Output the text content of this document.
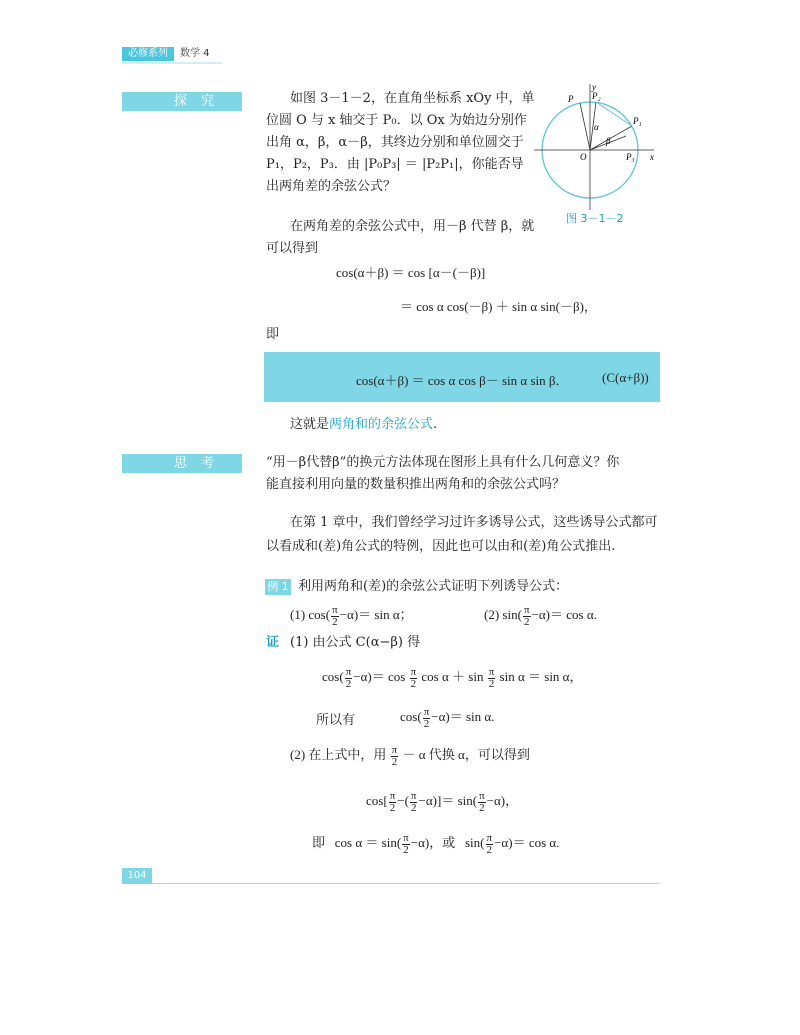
必修系列	数学 4
探究	如图 3－1－2，在直角坐标系 xOy 中，单
位圆 O 与 x 轴交于 P₀．以 Ox 为始边分别作
出角 α，β，α－β，其终边分别和单位圆交于
P₁，P₂，P₃．由 |P₀P₃| ＝ |P₂P₁|，你能否导
出两角差的余弦公式？
y
x
O
P P₂
P₁
P₃
α
β
图 3－1－2
在两角差的余弦公式中，用－β 代替 β，就
可以得到
cos(α＋β) ＝ cos [α－(－β)]
＝ cos α cos(－β) ＋ sin α sin(－β)，
即
cos(α＋β) ＝ cos α cos β－ sin α sin β．	(C(α+β))
这就是两角和的余弦公式.
思考	“用－β代替β”的换元方法体现在图形上具有什么几何意义？你
能直接利用向量的数量积推出两角和的余弦公式吗？
在第 1 章中，我们曾经学习过许多诱导公式，这些诱导公式都可
以看成和(差)角公式的特例，因此也可以由和(差)角公式推出.
例 1 利用两角和(差)的余弦公式证明下列诱导公式：
(1) $\cos( \frac{\pi}{2} -\alpha)= \sin \alpha$；	(2) $\sin( \frac{\pi}{2} -\alpha)= \cos \alpha$.
证 (1) 由公式 C(α−β) 得
$\cos( \frac{\pi}{2} -\alpha)= \cos \frac{\pi}{2}$ $\cos \alpha + \sin \frac{\pi}{2}$ sin α ＝ sin α，
所以有	$\cos( \frac{\pi}{2} -\alpha)= \sin \alpha$.
(2) 在上式中，用 $\frac{\pi}{2} - \alpha$ 代换 α，可以得到
$\cos[ \frac{\pi}{2}$ −( $\frac{\pi}{2} -\alpha)]= \sin( \frac{\pi}{2} -\alpha)$，
即 $\cos \alpha = \sin( \frac{\pi}{2} -\alpha)$，或 $\sin( \frac{\pi}{2} -\alpha)= \cos \alpha$.
104
